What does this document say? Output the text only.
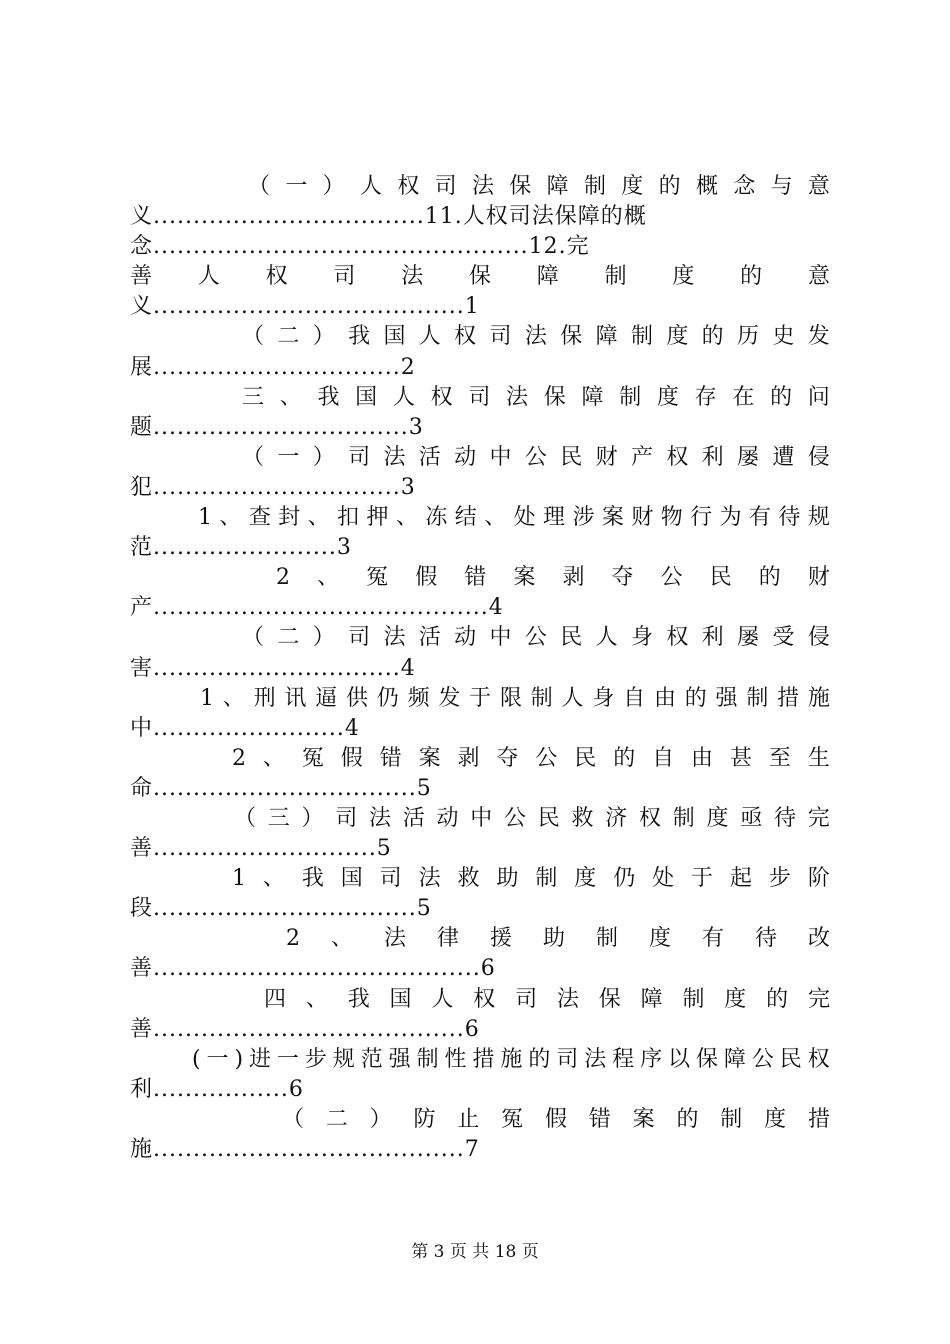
（ 一 ） 人 权 司 法 保 障 制 度 的 概 念 与 意
义..................................11.人权司法保障的概
念...............................................12.完
善 人 权 司 法 保 障 制 度 的 意
义.......................................1
（ 二 ） 我 国 人 权 司 法 保 障 制 度 的 历 史 发
展...............................2
三 、 我 国 人 权 司 法 保 障 制 度 存 在 的 问
题................................3
（ 一 ） 司 法 活 动 中 公 民 财 产 权 利 屡 遭 侵
犯...............................3
1 、 查 封 、 扣 押 、 冻 结 、 处 理 涉 案 财 物 行 为 有 待 规
范.......................3
2 、 冤 假 错 案 剥 夺 公 民 的 财
产..........................................4
（ 二 ） 司 法 活 动 中 公 民 人 身 权 利 屡 受 侵
害...............................4
1 、 刑 讯 逼 供 仍 频 发 于 限 制 人 身 自 由 的 强 制 措 施
中........................4
2 、 冤 假 错 案 剥 夺 公 民 的 自 由 甚 至 生
命.................................5
（ 三 ） 司 法 活 动 中 公 民 救 济 权 制 度 亟 待 完
善............................5
1 、 我 国 司 法 救 助 制 度 仍 处 于 起 步 阶
段.................................5
2 、 法 律 援 助 制 度 有 待 改
善.........................................6
四 、 我 国 人 权 司 法 保 障 制 度 的 完
善.......................................6
( 一 ) 进 一 步 规 范 强 制 性 措 施 的 司 法 程 序 以 保 障 公 民 权
利.................6
（ 二 ） 防 止 冤 假 错 案 的 制 度 措
施.......................................7
第 3 页 共 18 页
